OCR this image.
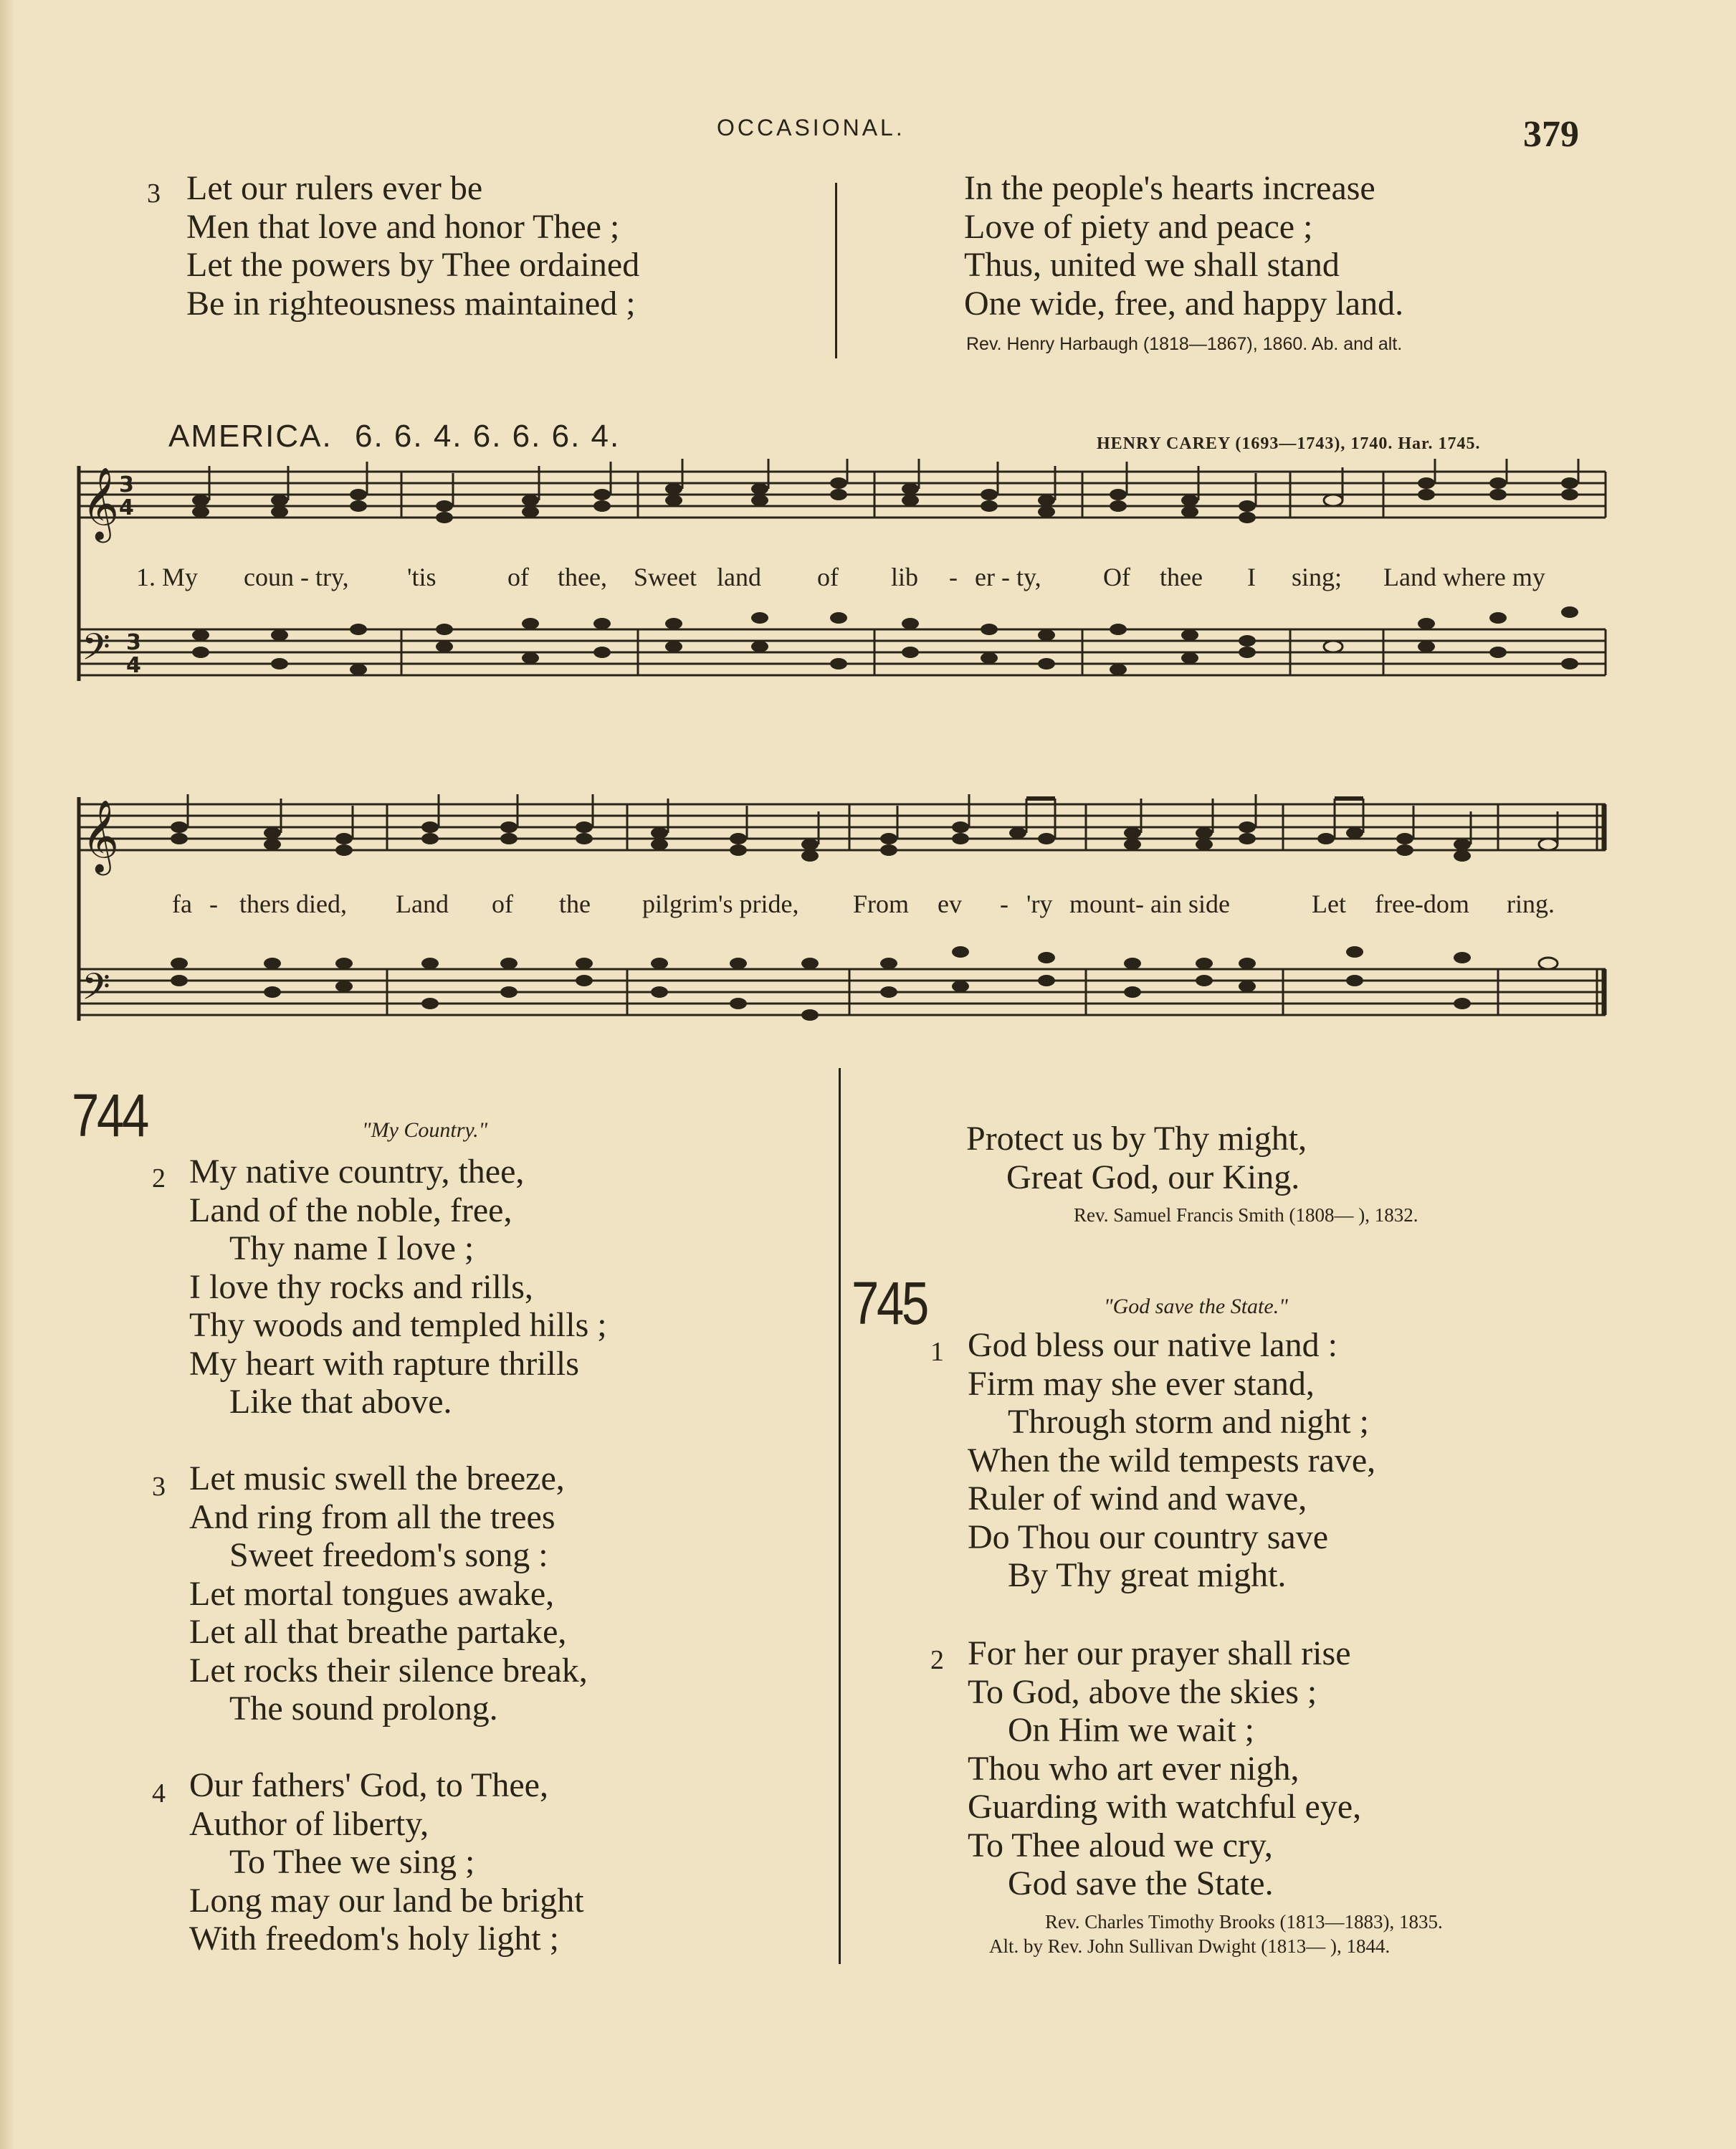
OCCASIONAL.	379
3 Let our rulers ever be
Men that love and honor Thee ;
Let the powers by Thee ordained
Be in righteousness maintained ;
In the people's hearts increase
Love of piety and peace ;
Thus, united we shall stand
One wide, free, and happy land.
Rev. Henry Harbaugh (1818—1867), 1860. Ab. and alt.
AMERICA. 6. 6. 4. 6. 6. 6. 4.	HENRY CAREY (1693—1743), 1740. Har. 1745.
𝄞
𝄢
3
4
3
4
1. My coun - try, 'tis	of thee, Sweet land of lib - er - ty, Of thee I sing; Land where my
𝄞
𝄢
fa - thers died, Land of the pilgrim's pride, From ev - 'ry mount- ain side	Let free-dom ring.
744	"My Country."
2 My native country, thee,
Land of the noble, free,
Thy name I love ;
I love thy rocks and rills,
Thy woods and templed hills ;
My heart with rapture thrills
Like that above.
3 Let music swell the breeze,
And ring from all the trees
Sweet freedom's song :
Let mortal tongues awake,
Let all that breathe partake,
Let rocks their silence break,
The sound prolong.
4 Our fathers' God, to Thee,
Author of liberty,
To Thee we sing ;
Long may our land be bright
With freedom's holy light ;
Protect us by Thy might,
Great God, our King.
Rev. Samuel Francis Smith (1808— ), 1832.
745	"God save the State."
1 God bless our native land :
Firm may she ever stand,
Through storm and night ;
When the wild tempests rave,
Ruler of wind and wave,
Do Thou our country save
By Thy great might.
2 For her our prayer shall rise
To God, above the skies ;
On Him we wait ;
Thou who art ever nigh,
Guarding with watchful eye,
To Thee aloud we cry,
God save the State.
Rev. Charles Timothy Brooks (1813—1883), 1835.
Alt. by Rev. John Sullivan Dwight (1813— ), 1844.
